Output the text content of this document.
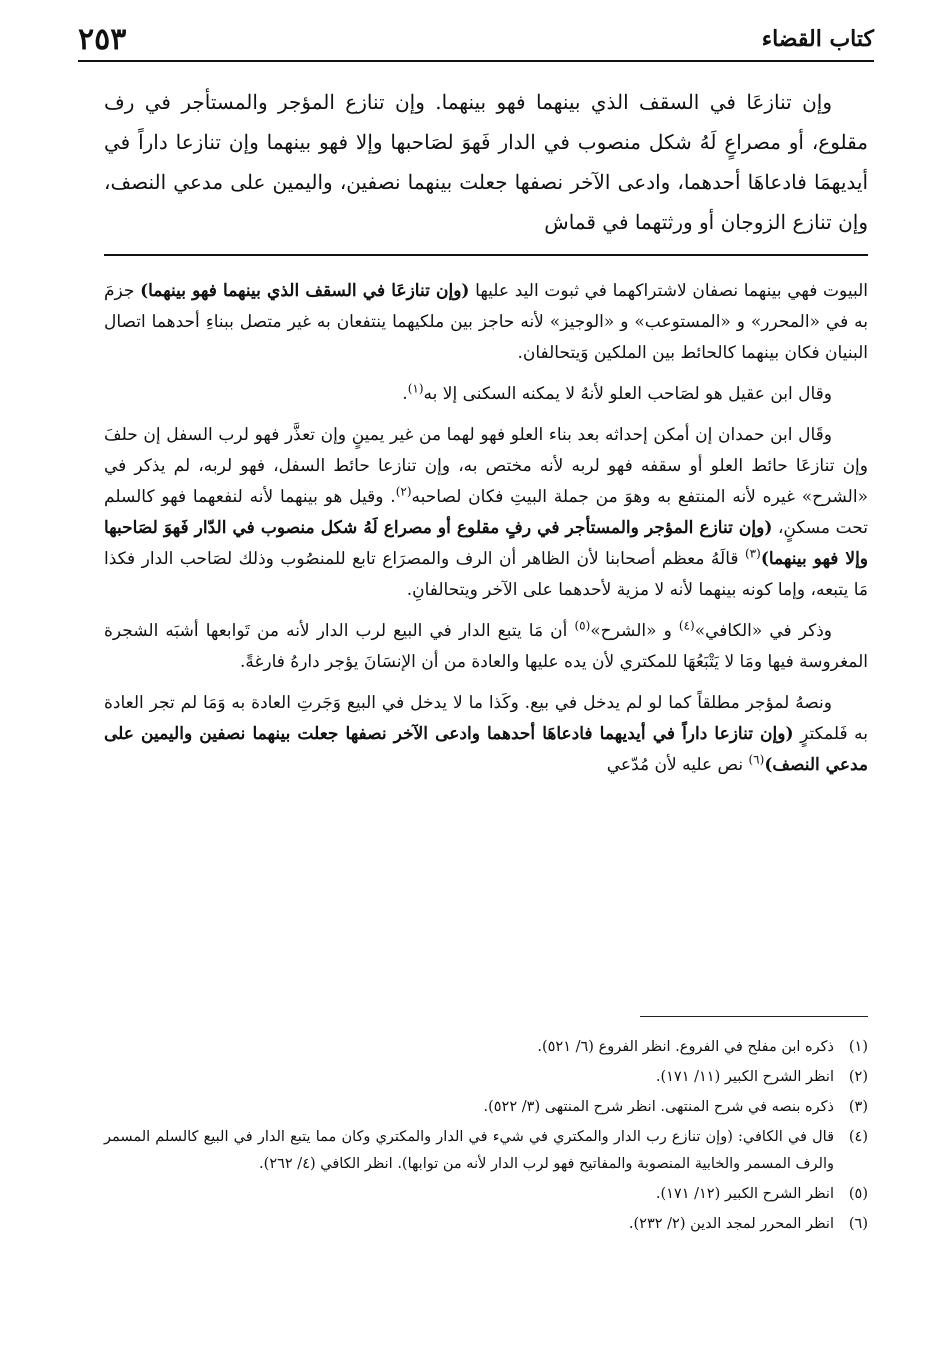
كتاب القضاء
٢٥٣

وإن تنازعَا في السقف الذي بينهما فهو بينهما. وإن تنازع المؤجر والمستأجر في رف مقلوع، أو مصراعٍ لَهُ شكل منصوب في الدار فَهوَ لصَاحبها وإلا فهو بينهما وإن تنازعا داراً في أيديهمَا فادعاهَا أحدهما، وادعى الآخر نصفها جعلت بينهما نصفين، واليمين على مدعي النصف، وإن تنازع الزوجان أو ورثتهما في قماش

البيوت فهي بينهما نصفان لاشتراكهما في ثبوت اليد عليها (وإن تنازعَا في السقف الذي بينهما فهو بينهما) جزمَ به في «المحرر» و «المستوعب» و «الوجيز» لأنه حاجز بين ملكيهما ينتفعان به غير متصل ببناءِ أحدهما اتصال البنيان فكان بينهما كالحائط بين الملكين وَيتحالفان.

وقال ابن عقيل هو لصَاحب العلو لأنهُ لا يمكنه السكنى إلا به$^{(١)}$.

وقَال ابن حمدان إن أمكن إحداثه بعد بناء العلو فهو لهما من غير يمينٍ وإن تعذَّر فهو لرب السفل إن حلفَ وإن تنازعَا حائط العلو أو سقفه فهو لربه لأنه مختص به، وإن تنازعا حائط السفل، فهو لربه، لم يذكر في «الشرح» غيره لأنه المنتفع به وهوَ من جملة البيتِ فكان لصاحبه$^{(٢)}$. وقيل هو بينهما لأنه لنفعهما فهو كالسلم تحت مسكنٍ، (وإن تنازع المؤجر والمستأجر في رفٍ مقلوع أو مصراع لَهُ شكل منصوب في الدّار فَهوَ لصَاحبها وإلا فهو بينهما)$^{(٣)}$ قالَهُ معظم أصحابنا لأن الظاهر أن الرف والمصرَاع تابع للمنصُوب وذلك لصَاحب الدار فكذا مَا يتبعه، وإما كونه بينهما لأنه لا مزية لأحدهما على الآخر ويتحالفانِ.

وذكر في «الكافي»$^{(٤)}$ و «الشرح»$^{(٥)}$ أن مَا يتبع الدار في البيع لرب الدار لأنه من تَوابعها أشبَه الشجرة المغروسة فيها ومَا لا يَتْبَعُهَا للمكتري لأن يده عليها والعادة من أن الإنسَانَ يؤجر دارهُ فارغةً.

ونصهُ لمؤجر مطلقاً كما لو لم يدخل في بيع. وكَذا ما لا يدخل في البيع وَجَرتِ العادة به وَمَا لم تجر العادة به فَلمكترٍ (وإن تنازعا داراً في أيديهما فادعاهَا أحدهما وادعى الآخر نصفها جعلت بينهما نصفين واليمين على مدعي النصف)$^{(٦)}$ نص عليه لأن مُدّعي

(١)
ذكره ابن مفلح في الفروع. انظر الفروع (٦/ ٥٢١).
(٢)
انظر الشرح الكبير (١١/ ١٧١).
(٣)
ذكره بنصه في شرح المنتهى. انظر شرح المنتهى (٣/ ٥٢٢).
(٤)
قال في الكافي: (وإن تنازع رب الدار والمكتري في شيء في الدار والمكتري وكان مما يتبع الدار في البيع كالسلم المسمر والرف المسمر والخابية المنصوبة والمفاتيح فهو لرب الدار لأنه من توابها). انظر الكافي (٤/ ٢٦٢).
(٥)
انظر الشرح الكبير (١٢/ ١٧١).
(٦)
انظر المحرر لمجد الدين (٢/ ٢٣٢).
